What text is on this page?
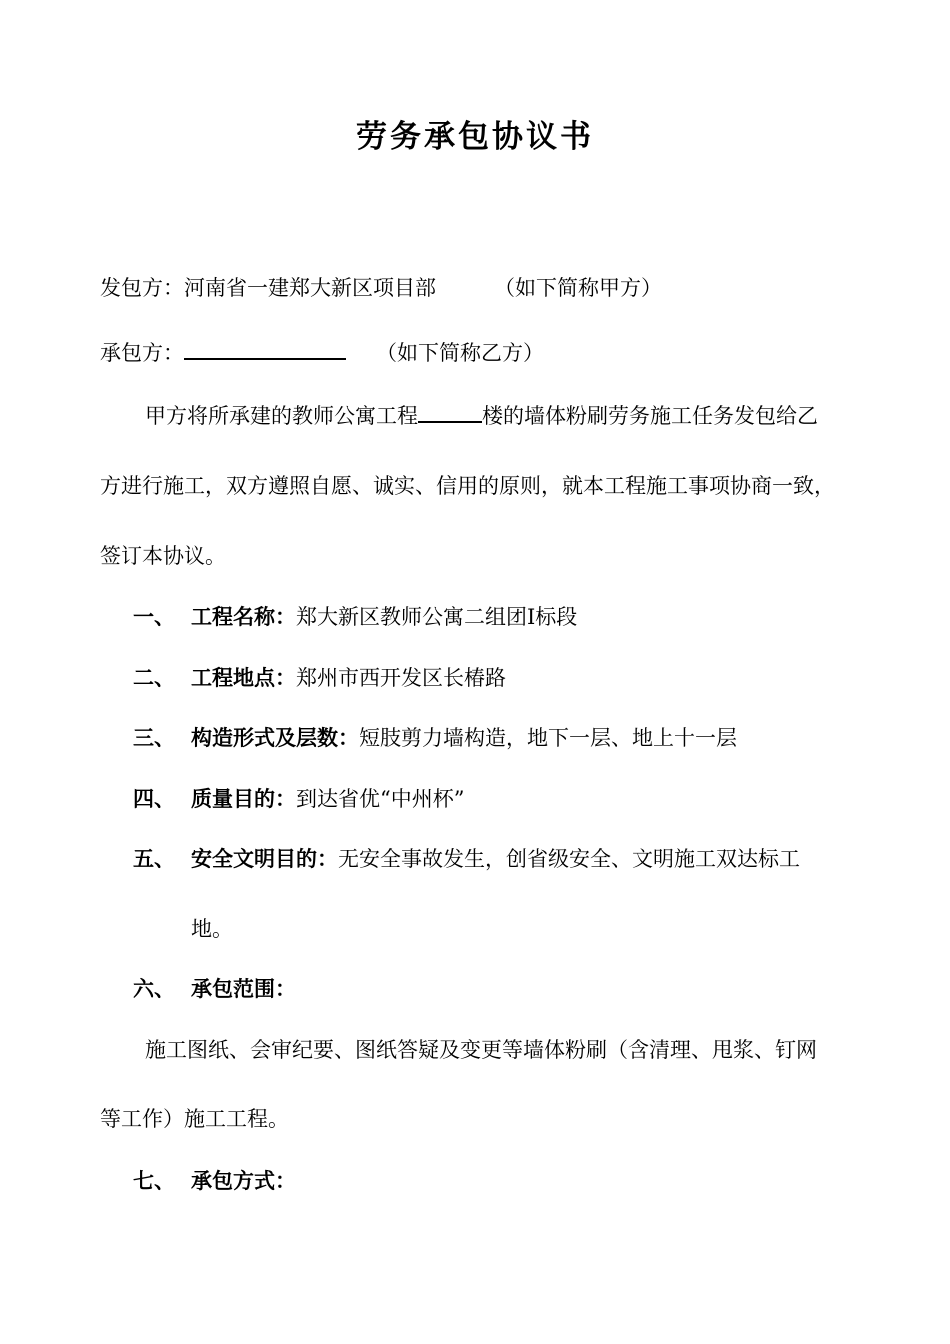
劳务承包协议书
发包方：河南省一建郑大新区项目部	（如下简称甲方）
承包方：	（如下简称乙方）
甲方将所承建的教师公寓工程	楼的墙体粉刷劳务施工任务发包给乙
方进行施工，双方遵照自愿、诚实、信用的原则，就本工程施工事项协商一致，
签订本协议。
一、 工程名称：郑大新区教师公寓二组团Ⅰ标段
二、 工程地点：郑州市西开发区长椿路
三、 构造形式及层数：短肢剪力墙构造，地下一层、地上十一层
四、 质量目的：到达省优“中州杯”
五、 安全文明目的：无安全事故发生，创省级安全、文明施工双达标工
地。
六、 承包范围：
施工图纸、会审纪要、图纸答疑及变更等墙体粉刷（含清理、甩浆、钉网
等工作）施工工程。
七、 承包方式：
